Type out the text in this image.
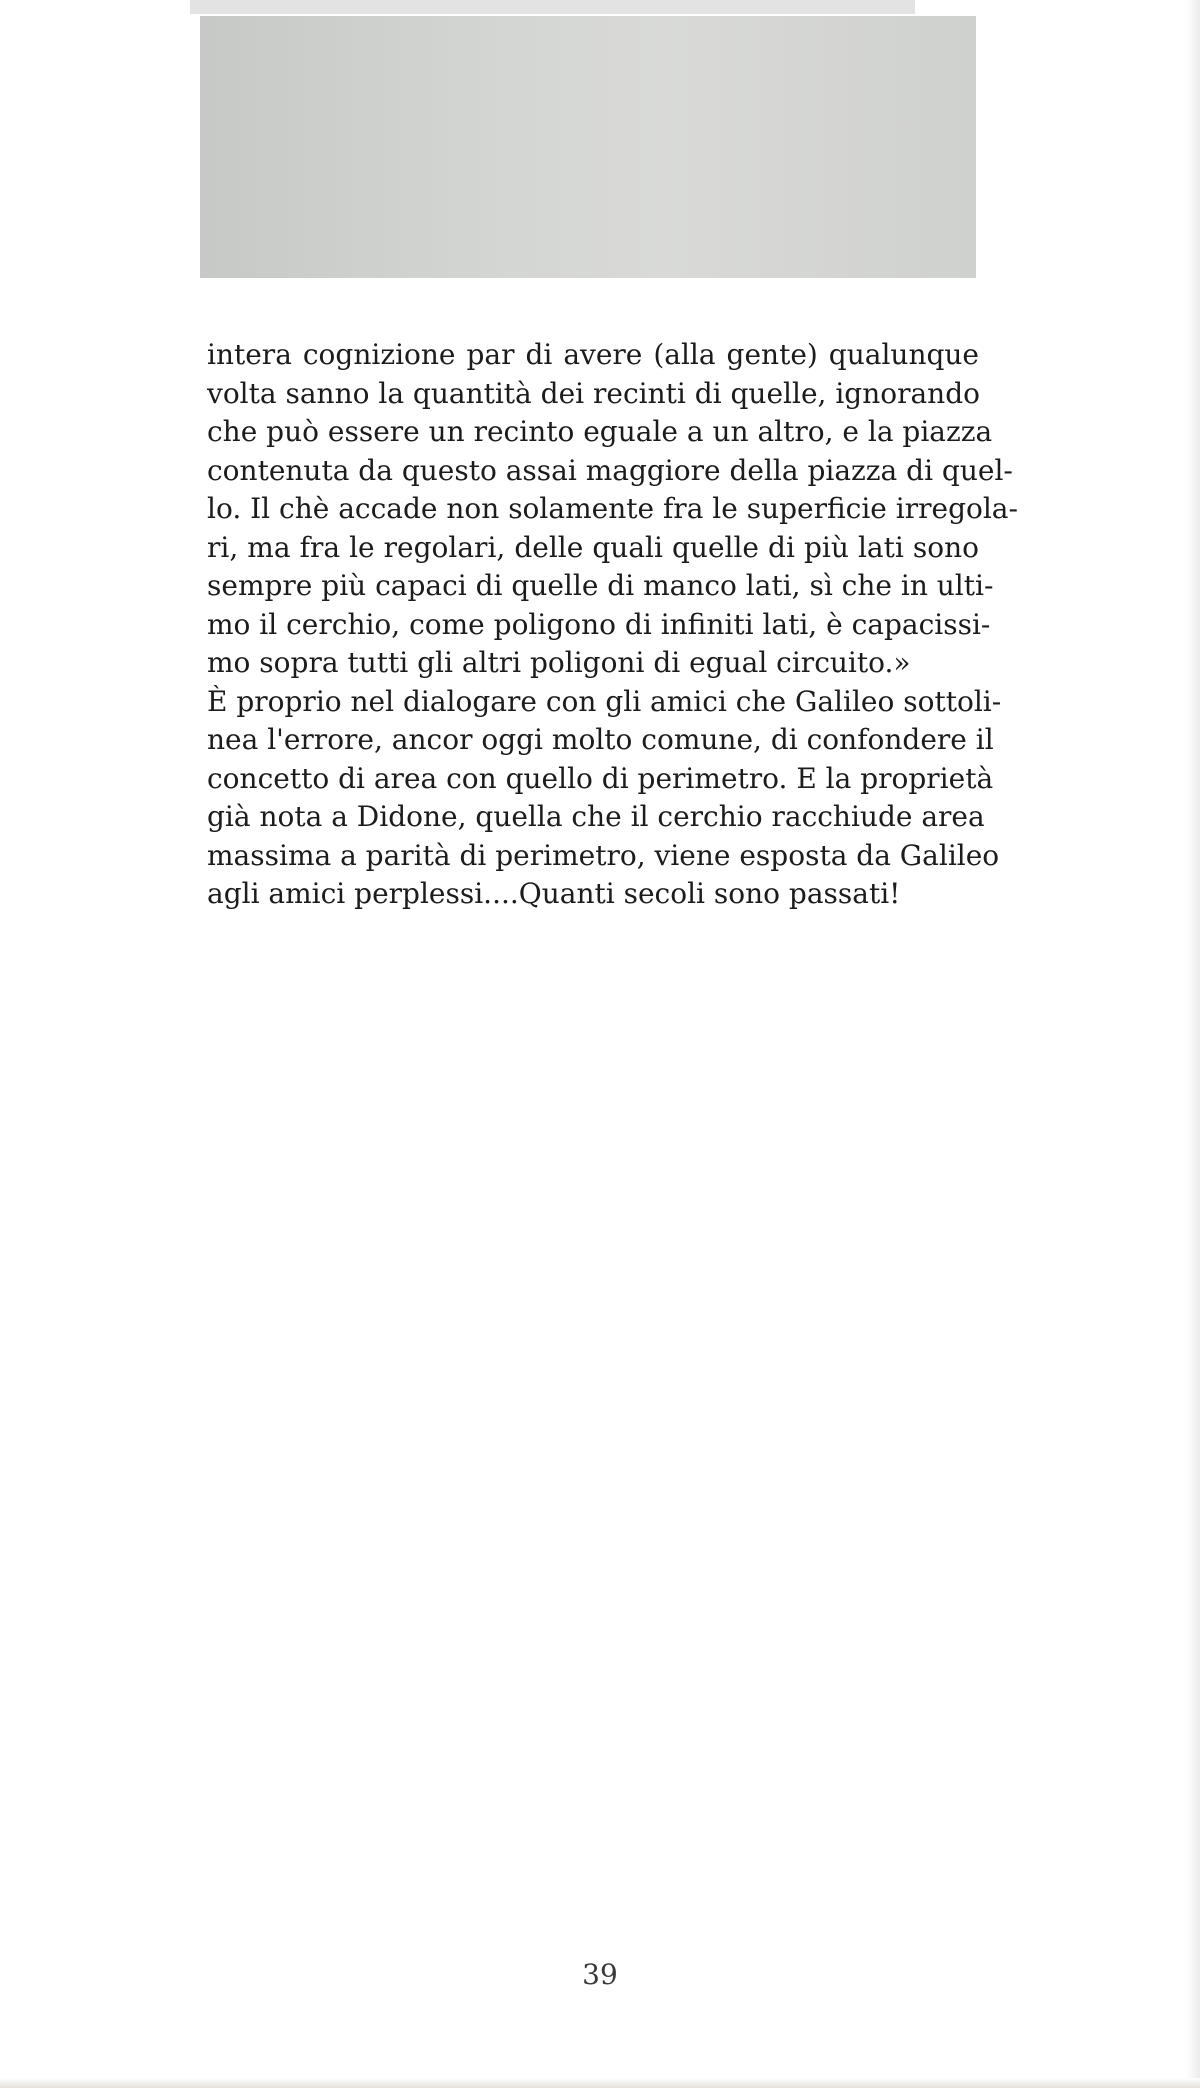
intera cognizione par di avere (alla gente) qualunque
volta sanno la quantità dei recinti di quelle, ignorando
che può essere un recinto eguale a un altro, e la piazza
contenuta da questo assai maggiore della piazza di quel-
lo. Il chè accade non solamente fra le superficie irregola-
ri, ma fra le regolari, delle quali quelle di più lati sono
sempre più capaci di quelle di manco lati, sì che in ulti-
mo il cerchio, come poligono di infiniti lati, è capacissi-
mo sopra tutti gli altri poligoni di egual circuito.»
È proprio nel dialogare con gli amici che Galileo sottoli-
nea l'errore, ancor oggi molto comune, di confondere il
concetto di area con quello di perimetro. E la proprietà
già nota a Didone, quella che il cerchio racchiude area
massima a parità di perimetro, viene esposta da Galileo
agli amici perplessi....Quanti secoli sono passati!
39
